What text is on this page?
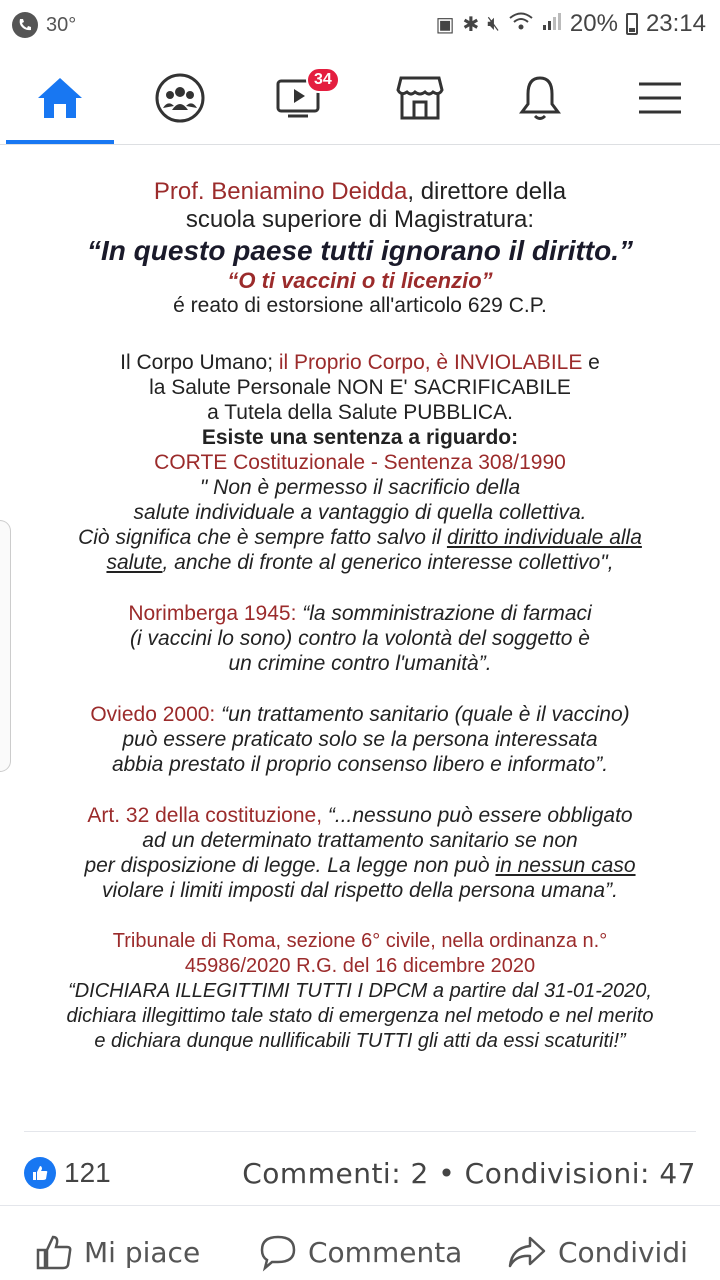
30°	▣ ✱ 🔇︎	20% 23:14
34

Prof. Beniamino Deidda, direttore della

scuola superiore di Magistratura:

“In questo paese tutti ignorano il diritto.”

“O ti vaccini o ti licenzio”

é reato di estorsione all'articolo 629 C.P.

Il Corpo Umano; il Proprio Corpo, è INVIOLABILE e

la Salute Personale NON E' SACRIFICABILE

a Tutela della Salute PUBBLICA.

Esiste una sentenza a riguardo:

CORTE Costituzionale - Sentenza 308/1990

" Non è permesso il sacrificio della

salute individuale a vantaggio di quella collettiva.

Ciò significa che è sempre fatto salvo il diritto individuale alla

salute, anche di fronte al generico interesse collettivo",

Norimberga 1945: “la somministrazione di farmaci

(i vaccini lo sono) contro la volontà del soggetto è

un crimine contro l'umanità”.

Oviedo 2000: “un trattamento sanitario (quale è il vaccino)

può essere praticato solo se la persona interessata

abbia prestato il proprio consenso libero e informato”.

Art. 32 della costituzione, “...nessuno può essere obbligato

ad un determinato trattamento sanitario se non

per disposizione di legge. La legge non può in nessun caso

violare i limiti imposti dal rispetto della persona umana”.

Tribunale di Roma, sezione 6° civile, nella ordinanza n.°

45986/2020 R.G. del 16 dicembre 2020

“DICHIARA ILLEGITTIMI TUTTI I DPCM a partire dal 31-01-2020,

dichiara illegittimo tale stato di emergenza nel metodo e nel merito

e dichiara dunque nullificabili TUTTI gli atti da essi scaturiti!”

121	Commenti: 2 • Condivisioni: 47
Mi piace	Commenta	Condividi
